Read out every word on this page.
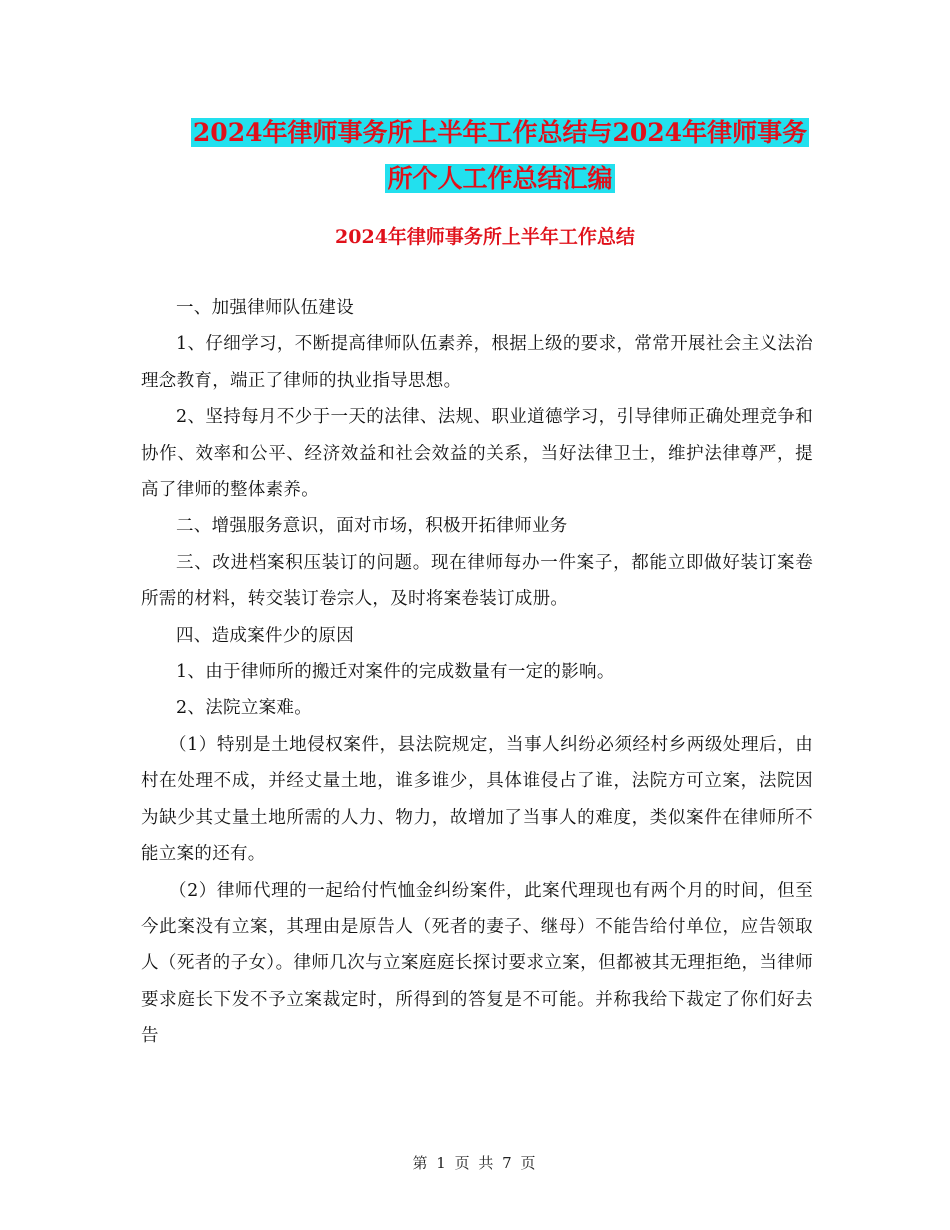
2024年律师事务所上半年工作总结与2024年律师事务
所个人工作总结汇编
2024年律师事务所上半年工作总结

一、加强律师队伍建设

1、仔细学习，不断提高律师队伍素养，根据上级的要求，常常开展社会主义法治理念教育，端正了律师的执业指导思想。

2、坚持每月不少于一天的法律、法规、职业道德学习，引导律师正确处理竞争和协作、效率和公平、经济效益和社会效益的关系，当好法律卫士，维护法律尊严，提高了律师的整体素养。

二、增强服务意识，面对市场，积极开拓律师业务

三、改进档案积压装订的问题。现在律师每办一件案子，都能立即做好装订案卷所需的材料，转交装订卷宗人，及时将案卷装订成册。

四、造成案件少的原因

1、由于律师所的搬迁对案件的完成数量有一定的影响。

2、法院立案难。

（1）特别是土地侵权案件，县法院规定，当事人纠纷必须经村乡两级处理后，由村在处理不成，并经丈量土地，谁多谁少，具体谁侵占了谁，法院方可立案，法院因为缺少其丈量土地所需的人力、物力，故增加了当事人的难度，类似案件在律师所不能立案的还有。

（2）律师代理的一起给付忾恤金纠纷案件，此案代理现也有两个月的时间，但至今此案没有立案，其理由是原告人（死者的妻子、继母）不能告给付单位，应告领取人（死者的子女）。律师几次与立案庭庭长探讨要求立案，但都被其无理拒绝，当律师要求庭长下发不予立案裁定时，所得到的答复是不可能。并称我给下裁定了你们好去告

第 1 页 共 7 页
